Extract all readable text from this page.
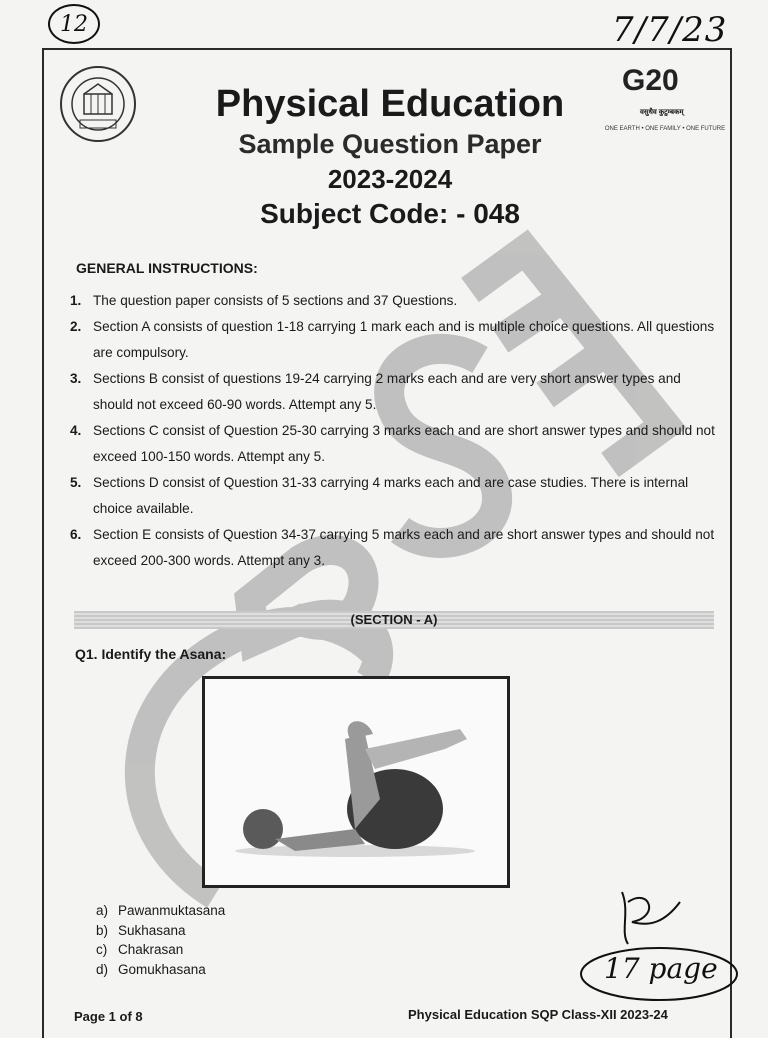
12	7/7/23
G20
वसुधैव कुटुम्बकम्
ONE EARTH • ONE FAMILY • ONE FUTURE
Physical Education
Sample Question Paper
2023-2024
Subject Code: - 048
GENERAL INSTRUCTIONS:
1. The question paper consists of 5 sections and 37 Questions.
2. Section A consists of question 1-18 carrying 1 mark each and is multiple choice questions. All questions are compulsory.
3. Sections B consist of questions 19-24 carrying 2 marks each and are very short answer types and should not exceed 60-90 words. Attempt any 5.
4. Sections C consist of Question 25-30 carrying 3 marks each and are short answer types and should not exceed 100-150 words. Attempt any 5.
5. Sections D consist of Question 31-33 carrying 4 marks each and are case studies. There is internal choice available.
6. Section E consists of Question 34-37 carrying 5 marks each and are short answer types and should not exceed 200-300 words. Attempt any 3.
(SECTION - A)
Q1. Identify the Asana:
a) Pawanmuktasana
b) Sukhasana
c) Chakrasan
d) Gomukhasana	17 page
Page 1 of 8	Physical Education SQP Class-XII 2023-24
